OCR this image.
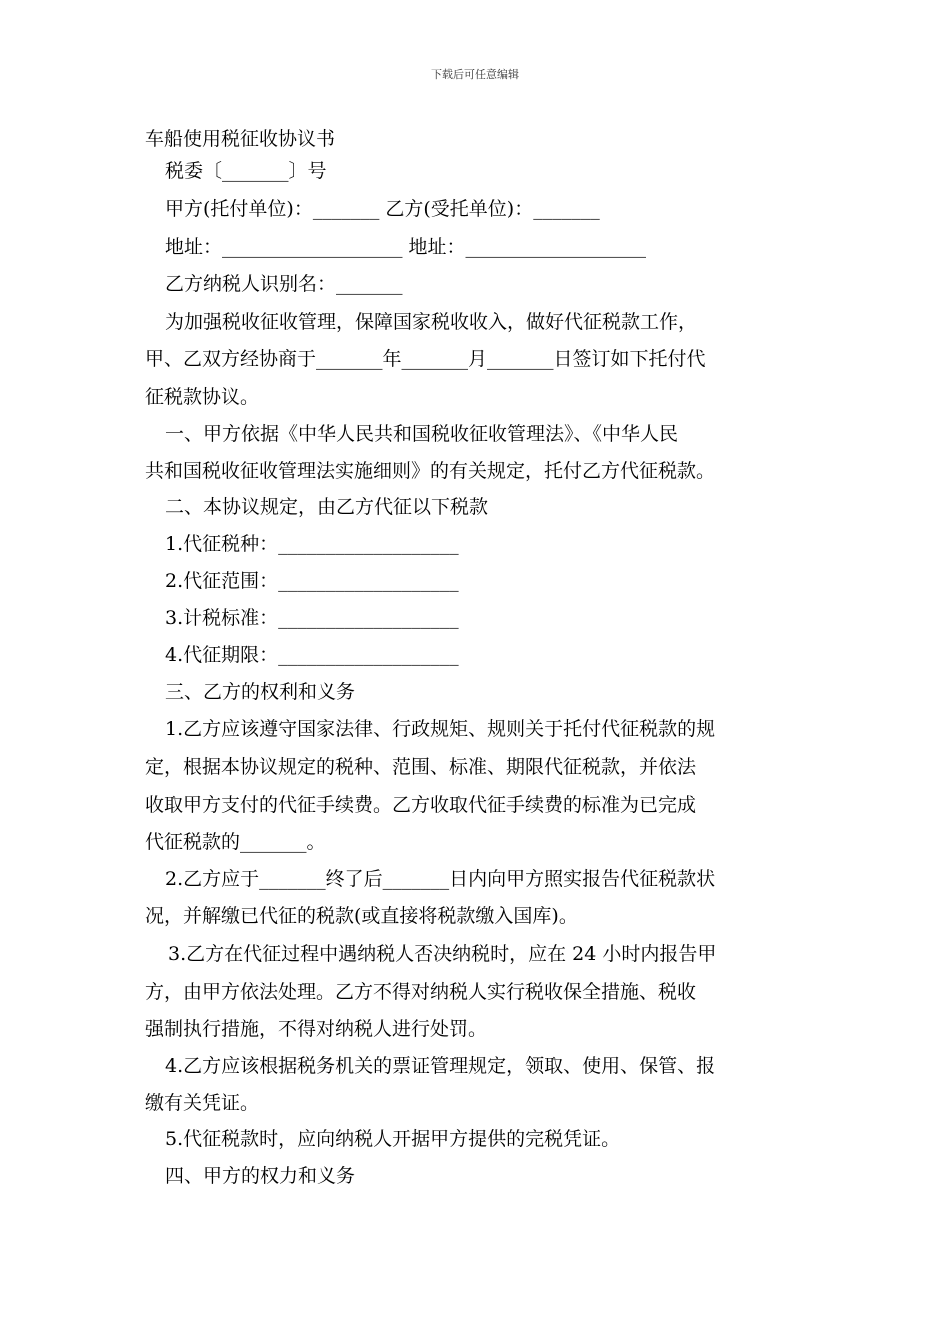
下载后可任意编辑
车船使用税征收协议书
税委〔_______〕号
甲方(托付单位)：_______ 乙方(受托单位)：_______
地址：___________________ 地址：___________________
乙方纳税人识别名：_______
为加强税收征收管理，保障国家税收收入，做好代征税款工作，
甲、乙双方经协商于_______年_______月_______日签订如下托付代
征税款协议。
一、甲方依据《中华人民共和国税收征收管理法》、《中华人民
共和国税收征收管理法实施细则》的有关规定，托付乙方代征税款。
二、本协议规定，由乙方代征以下税款
1.代征税种：___________________
2.代征范围：___________________
3.计税标准：___________________
4.代征期限：___________________
三、乙方的权利和义务
1.乙方应该遵守国家法律、行政规矩、规则关于托付代征税款的规
定，根据本协议规定的税种、范围、标准、期限代征税款，并依法
收取甲方支付的代征手续费。乙方收取代征手续费的标准为已完成
代征税款的_______。
2.乙方应于_______终了后_______日内向甲方照实报告代征税款状
况，并解缴已代征的税款(或直接将税款缴入国库)。
3.乙方在代征过程中遇纳税人否决纳税时，应在 24 小时内报告甲
方，由甲方依法处理。乙方不得对纳税人实行税收保全措施、税收
强制执行措施，不得对纳税人进行处罚。
4.乙方应该根据税务机关的票证管理规定，领取、使用、保管、报
缴有关凭证。
5.代征税款时，应向纳税人开据甲方提供的完税凭证。
四、甲方的权力和义务
